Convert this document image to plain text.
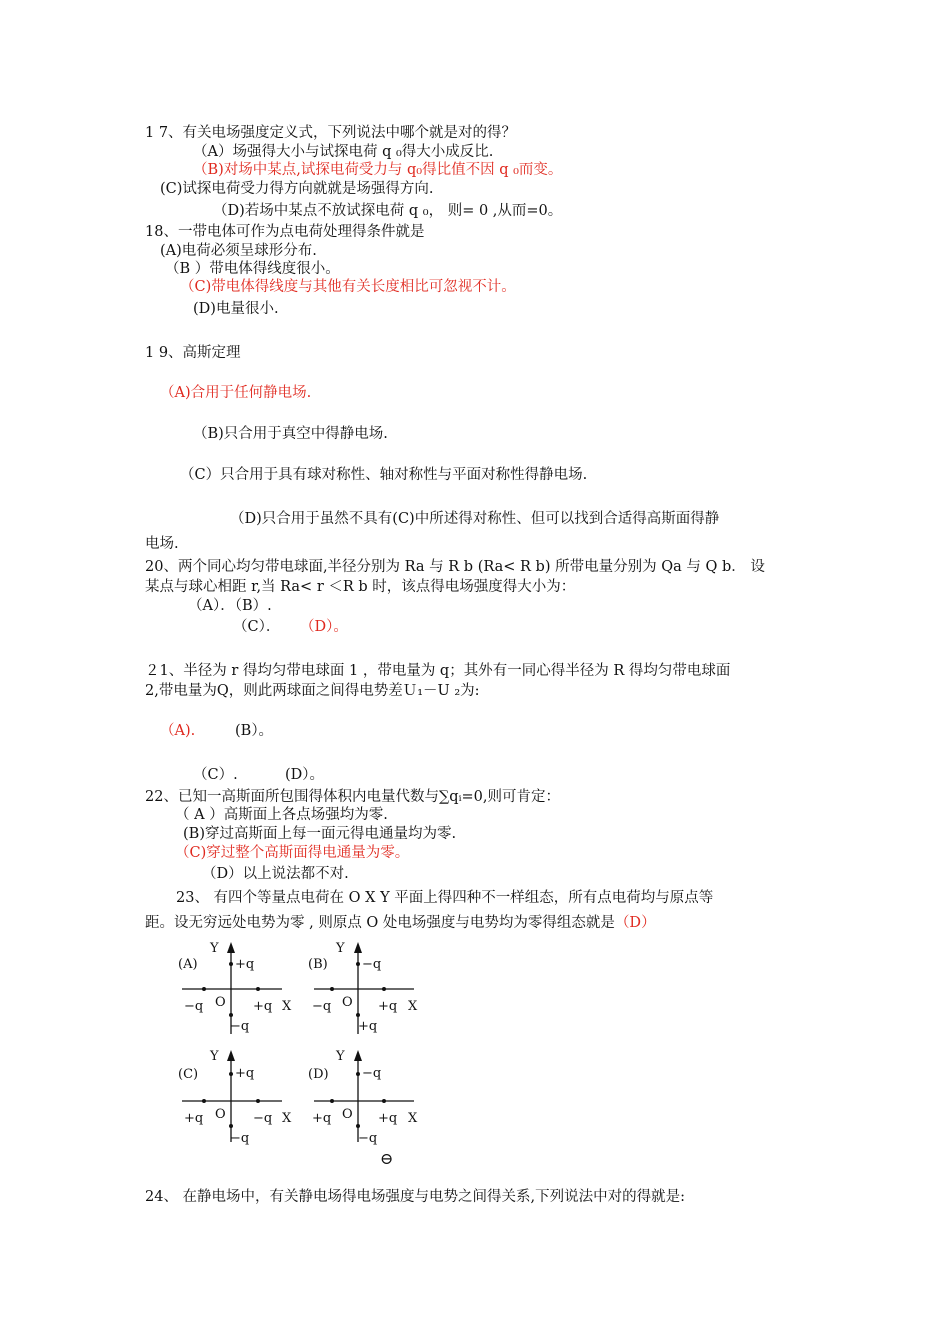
1 7、有关电场强度定义式，下列说法中哪个就是对的得？
（A）场强得大小与试探电荷 q ₀得大小成反比.
（B)对场中某点,试探电荷受力与 q₀得比值不因 q ₀而变。
(C)试探电荷受力得方向就就是场强得方向.
（D)若场中某点不放试探电荷 q ₀， 则= 0 ,从而=0。
18、一带电体可作为点电荷处理得条件就是
(A)电荷必须呈球形分布.
（B ）带电体得线度很小。
（C)带电体得线度与其他有关长度相比可忽视不计。
(D)电量很小.
1 9、高斯定理
（A)合用于任何静电场.
（B)只合用于真空中得静电场.
（C）只合用于具有球对称性、轴对称性与平面对称性得静电场.
（D)只合用于虽然不具有(C)中所述得对称性、但可以找到合适得高斯面得静
电场.
20、两个同心均匀带电球面,半径分别为 Ra 与 R b (Ra< R b) 所带电量分别为 Qa 与 Q b． 设
某点与球心相距 r,当 Ra< r ＜R b 时，该点得电场强度得大小为：
（A）．（B）.
（C）． （D）。
２1、半径为 r 得均匀带电球面 1 ，带电量为 q；其外有一同心得半径为 R 得均匀带电球面
2,带电量为Q，则此两球面之间得电势差Ｕ₁－U ₂为:
（A).	(B）。
（C）.	(D）。
22、已知一高斯面所包围得体积内电量代数与∑qᵢ=0,则可肯定：
（ A ）高斯面上各点场强均为零.
(B)穿过高斯面上每一面元得电通量均为零.
（C)穿过整个高斯面得电通量为零。
（D）以上说法都不对.
23、 有四个等量点电荷在 O X Y 平面上得四种不一样组态，所有点电荷均与原点等
距。设无穷远处电势为零 , 则原点 O 处电场强度与电势均为零得组态就是（D）
(A)	+q
−q	+q
−q
O	X
Y
(B)	−q
−q	+q
+q
O	X
Y
(C)	+q
+q	−q
−q
O	X
Y
(D)	−q
+q	+q
−q
O	X
Y
⊖
24、 在静电场中，有关静电场得电场强度与电势之间得关系,下列说法中对的得就是:
